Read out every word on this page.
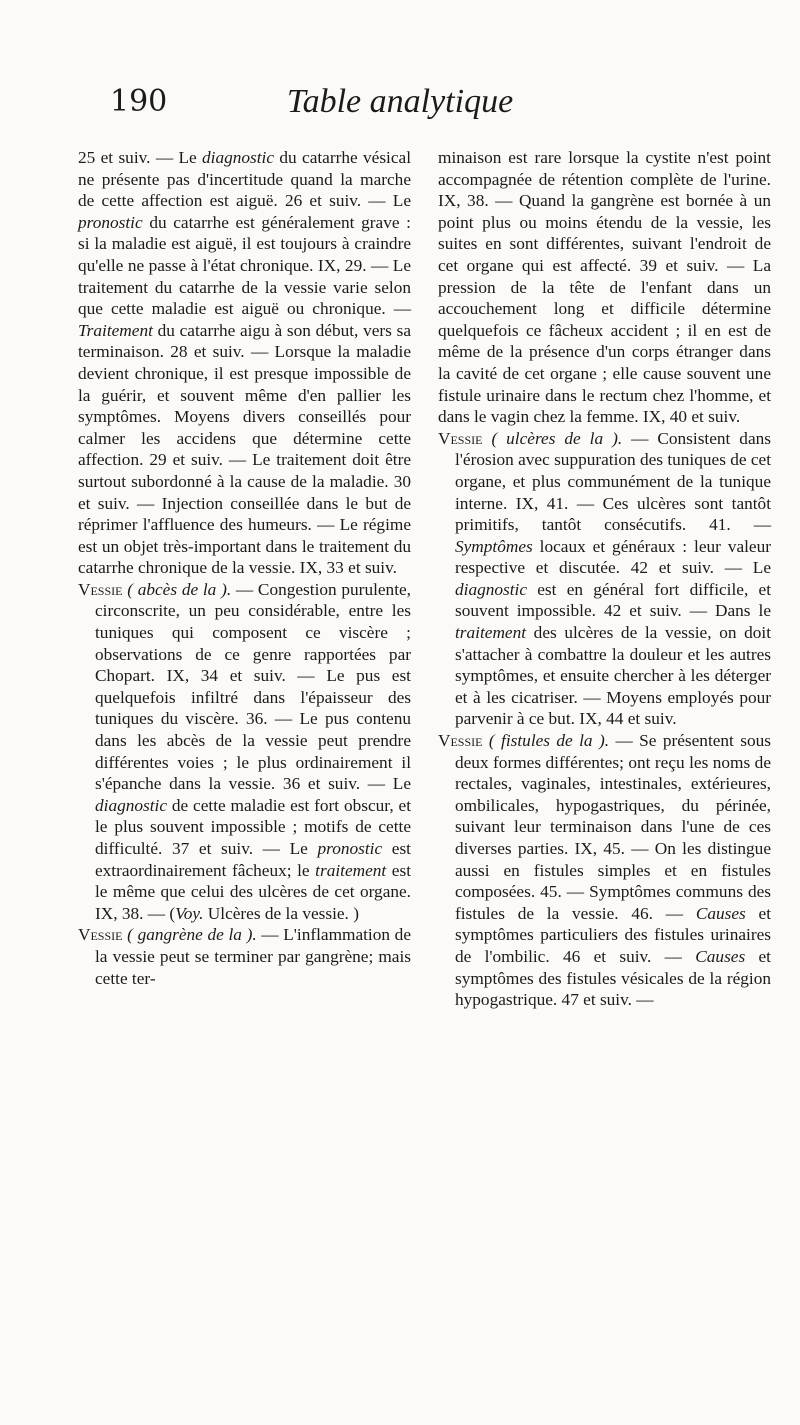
190	Table analytique

25 et suiv. — Le diagnostic du catarrhe vésical ne présente pas d'incertitude quand la marche de cette affection est aiguë. 26 et suiv. — Le pronostic du catarrhe est généralement grave : si la maladie est aiguë, il est toujours à craindre qu'elle ne passe à l'état chronique. IX, 29. — Le traitement du catarrhe de la vessie varie selon que cette maladie est aiguë ou chronique. — Traitement du catarrhe aigu à son début, vers sa terminaison. 28 et suiv. — Lorsque la maladie devient chronique, il est presque impossible de la guérir, et souvent même d'en pallier les symptômes. Moyens divers conseillés pour calmer les accidens que détermine cette affection. 29 et suiv. — Le traitement doit être surtout subordonné à la cause de la maladie. 30 et suiv. — Injection conseillée dans le but de réprimer l'affluence des humeurs. — Le régime est un objet très-important dans le traitement du catarrhe chronique de la vessie. IX, 33 et suiv.

Vessie ( abcès de la ). — Congestion purulente, circonscrite, un peu considérable, entre les tuniques qui composent ce viscère ; observations de ce genre rapportées par Chopart. IX, 34 et suiv. — Le pus est quelquefois infiltré dans l'épaisseur des tuniques du viscère. 36. — Le pus contenu dans les abcès de la vessie peut prendre différentes voies ; le plus ordinairement il s'épanche dans la vessie. 36 et suiv. — Le diagnostic de cette maladie est fort obscur, et le plus souvent impossible ; motifs de cette difficulté. 37 et suiv. — Le pronostic est extraordinairement fâcheux; le traitement est le même que celui des ulcères de cet organe. IX, 38. — (Voy. Ulcères de la vessie. )

Vessie ( gangrène de la ). — L'inflammation de la vessie peut se terminer par gangrène; mais cette ter-

minaison est rare lorsque la cystite n'est point accompagnée de rétention complète de l'urine. IX, 38. — Quand la gangrène est bornée à un point plus ou moins étendu de la vessie, les suites en sont différentes, suivant l'endroit de cet organe qui est affecté. 39 et suiv. — La pression de la tête de l'enfant dans un accouchement long et difficile détermine quelquefois ce fâcheux accident ; il en est de même de la présence d'un corps étranger dans la cavité de cet organe ; elle cause souvent une fistule urinaire dans le rectum chez l'homme, et dans le vagin chez la femme. IX, 40 et suiv.

Vessie ( ulcères de la ). — Consistent dans l'érosion avec suppuration des tuniques de cet organe, et plus communément de la tunique interne. IX, 41. — Ces ulcères sont tantôt primitifs, tantôt consécutifs. 41. — Symptômes locaux et généraux : leur valeur respective et discutée. 42 et suiv. — Le diagnostic est en général fort difficile, et souvent impossible. 42 et suiv. — Dans le traitement des ulcères de la vessie, on doit s'attacher à combattre la douleur et les autres symptômes, et ensuite chercher à les déterger et à les cicatriser. — Moyens employés pour parvenir à ce but. IX, 44 et suiv.

Vessie ( fistules de la ). — Se présentent sous deux formes différentes; ont reçu les noms de rectales, vaginales, intestinales, extérieures, ombilicales, hypogastriques, du périnée, suivant leur terminaison dans l'une de ces diverses parties. IX, 45. — On les distingue aussi en fistules simples et en fistules composées. 45. — Symptômes communs des fistules de la vessie. 46. — Causes et symptômes particuliers des fistules urinaires de l'ombilic. 46 et suiv. — Causes et symptômes des fistules vésicales de la région hypogastrique. 47 et suiv. —
